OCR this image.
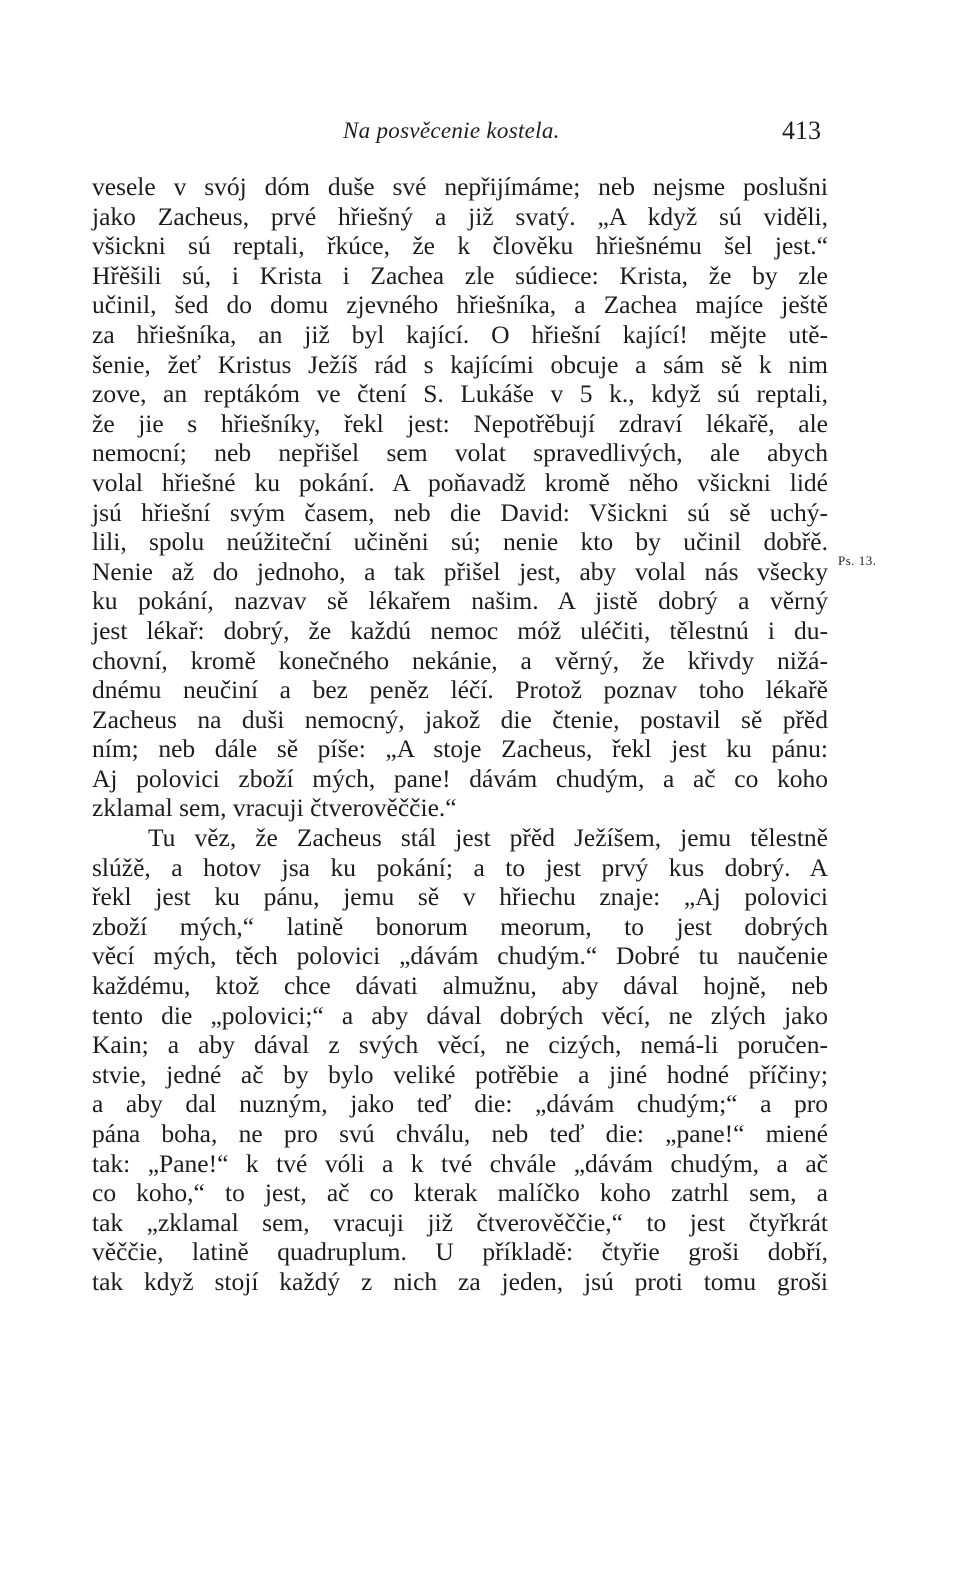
Na posvěcenie kostela.	413
Ps. 13.
vesele v svój dóm duše své nepřijímáme; neb nejsme poslušni
jako Zacheus, prvé hřiešný a již svatý. „A když sú viděli,
všickni sú reptali, řkúce, že k člověku hřiešnému šel jest.“
Hřěšili sú, i Krista i Zachea zle súdiece: Krista, že by zle
učinil, šed do domu zjevného hřiešníka, a Zachea majíce ještě
za hřiešníka, an již byl kající. O hřiešní kající! mějte utě-
šenie, žeť Kristus Ježíš rád s kajícími obcuje a sám sě k nim
zove, an reptákóm ve čtení S. Lukáše v 5 k., když sú reptali,
že jie s hřiešníky, řekl jest: Nepotřěbují zdraví lékařě, ale
nemocní; neb nepřišel sem volat spravedlivých, ale abych
volal hřiešné ku pokání. A poňavadž kromě něho všickni lidé
jsú hřiešní svým časem, neb die David: Všickni sú sě uchý-
lili, spolu neúžiteční učiněni sú; nenie kto by učinil dobřě.
Nenie až do jednoho, a tak přišel jest, aby volal nás všecky
ku pokání, nazvav sě lékařem našim. A jistě dobrý a věrný
jest lékař: dobrý, že každú nemoc móž uléčiti, tělestnú i du-
chovní, kromě konečného nekánie, a věrný, že křivdy nižá-
dnému neučiní a bez peněz léčí. Protož poznav toho lékařě
Zacheus na duši nemocný, jakož die čtenie, postavil sě přěd
ním; neb dále sě píše: „A stoje Zacheus, řekl jest ku pánu:
Aj polovici zboží mých, pane! dávám chudým, a ač co koho
zklamal sem, vracuji čtverověččie.“
Tu věz, že Zacheus stál jest přěd Ježíšem, jemu tělestně
slúžě, a hotov jsa ku pokání; a to jest prvý kus dobrý. A
řekl jest ku pánu, jemu sě v hřiechu znaje: „Aj polovici
zboží mých,“ latině bonorum meorum, to jest dobrých
věcí mých, těch polovici „dávám chudým.“ Dobré tu naučenie
každému, ktož chce dávati almužnu, aby dával hojně, neb
tento die „polovici;“ a aby dával dobrých věcí, ne zlých jako
Kain; a aby dával z svých věcí, ne cizých, nemá-li poručen-
stvie, jedné ač by bylo veliké potřěbie a jiné hodné příčiny;
a aby dal nuzným, jako teď die: „dávám chudým;“ a pro
pána boha, ne pro svú chválu, neb teď die: „pane!“ miené
tak: „Pane!“ k tvé vóli a k tvé chvále „dávám chudým, a ač
co koho,“ to jest, ač co kterak malíčko koho zatrhl sem, a
tak „zklamal sem, vracuji již čtverověččie,“ to jest čtyřkrát
věččie, latině quadruplum. U příkladě: čtyřie groši dobří,
tak když stojí každý z nich za jeden, jsú proti tomu groši
